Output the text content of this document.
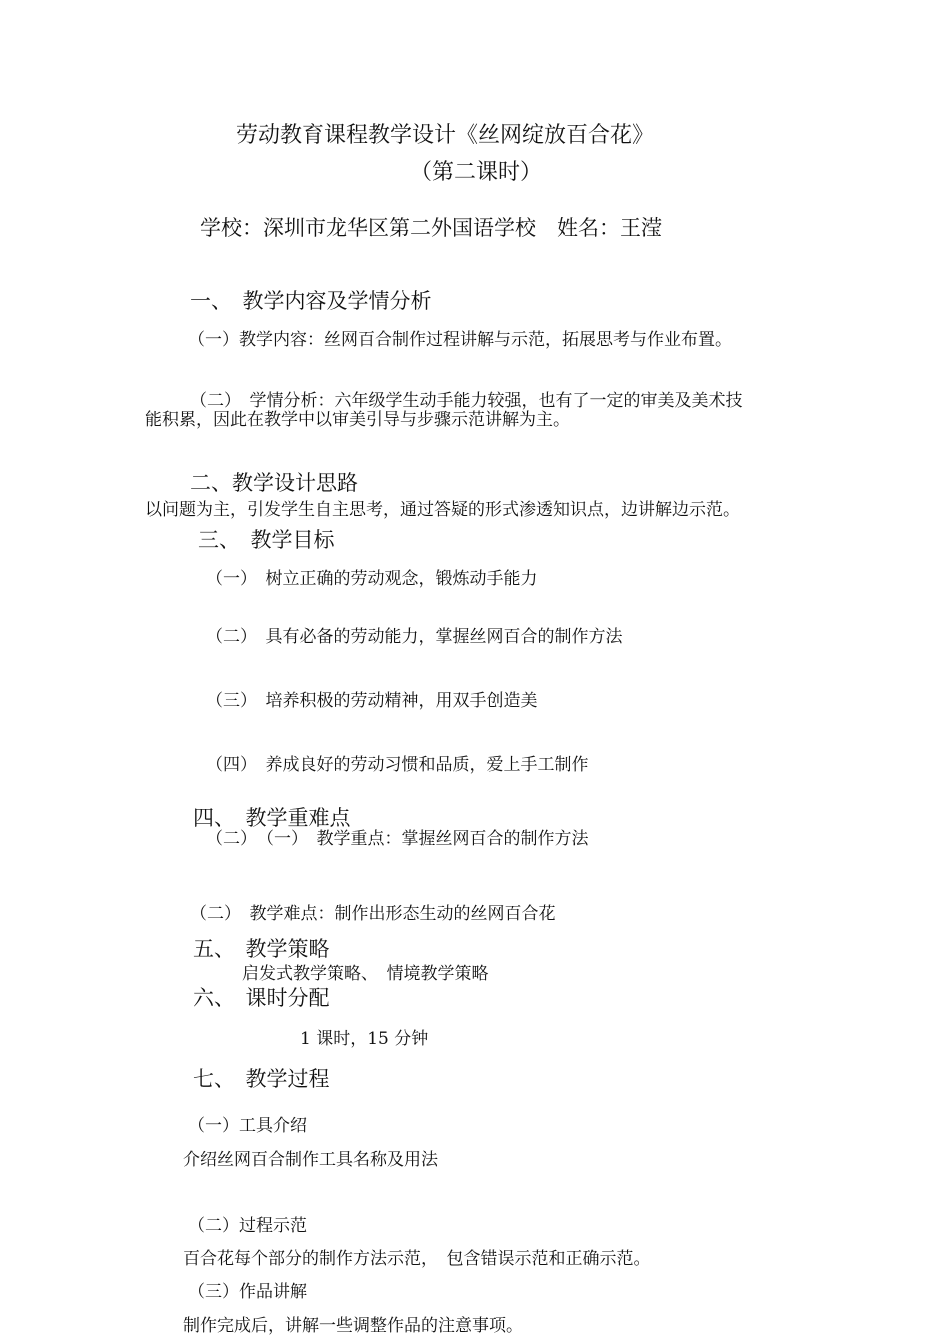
劳动教育课程教学设计《丝网绽放百合花》
（第二课时）
学校：深圳市龙华区第二外国语学校　姓名：王滢
一、　教学内容及学情分析
（一）教学内容：丝网百合制作过程讲解与示范，拓展思考与作业布置。
（二）　学情分析：六年级学生动手能力较强，也有了一定的审美及美术技
能积累，因此在教学中以审美引导与步骤示范讲解为主。
二、教学设计思路
以问题为主，引发学生自主思考，通过答疑的形式渗透知识点，边讲解边示范。
三、　教学目标
（一）　树立正确的劳动观念，锻炼动手能力
（二）　具有必备的劳动能力，掌握丝网百合的制作方法
（三）　培养积极的劳动精神，用双手创造美
（四）　养成良好的劳动习惯和品质，爱上手工制作
四、　教学重难点
（二）　（一）　教学重点：掌握丝网百合的制作方法
（二）　教学难点：制作出形态生动的丝网百合花
五、　教学策略
启发式教学策略、　情境教学策略
六、　课时分配
1 课时，15 分钟
七、　教学过程
（一）工具介绍
介绍丝网百合制作工具名称及用法
（二）过程示范
百合花每个部分的制作方法示范，　包含错误示范和正确示范。
（三）作品讲解
制作完成后，讲解一些调整作品的注意事项。
